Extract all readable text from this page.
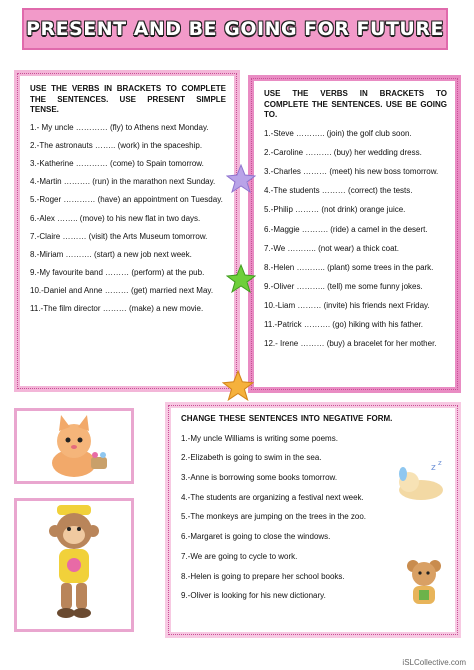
PRESENT AND BE GOING FOR FUTURE
USE THE VERBS IN BRACKETS TO COMPLETE THE SENTENCES. USE PRESENT SIMPLE TENSE.
1.- My uncle ………… (fly) to Athens next Monday.
2.-The astronauts …….. (work) in the spaceship.
3.-Katherine ………… (come) to Spain tomorrow.
4.-Martin ………. (run) in the marathon next Sunday.
5.-Roger ………… (have) an appointment on Tuesday.
6.-Alex …….. (move) to his new flat in two days.
7.-Claire ……… (visit) the Arts Museum tomorrow.
8.-Miriam ………. (start) a new job next week.
9.-My favourite band ……… (perform) at the pub.
10.-Daniel and Anne ……… (get) married next May.
11.-The film director ……… (make) a new movie.
USE THE VERBS IN BRACKETS TO COMPLETE THE SENTENCES. USE BE GOING TO.
1.-Steve ……….. (join) the golf club soon.
2.-Caroline ………. (buy) her wedding dress.
3.-Charles ……… (meet) his new boss tomorrow.
4.-The students ……… (correct) the tests.
5.-Philip ……… (not drink) orange juice.
6.-Maggie ………. (ride) a camel in the desert.
7.-We ……….. (not wear) a thick coat.
8.-Helen ……….. (plant) some trees in the park.
9.-Oliver ……….. (tell) me some funny jokes.
10.-Liam ……… (invite) his friends next Friday.
11.-Patrick ………. (go) hiking with his father.
12.- Irene ……… (buy) a bracelet for her mother.
CHANGE THESE SENTENCES INTO NEGATIVE FORM.
1.-My uncle Williams is writing some poems.
2.-Elizabeth is going to swim in the sea.
3.-Anne is borrowing some books tomorrow.
4.-The students are organizing a festival next week.
5.-The monkeys are jumping on the trees in the zoo.
6.-Margaret is going to close the windows.
7.-We are going to cycle to work.
8.-Helen is going to prepare her school books.
9.-Oliver is looking for his new dictionary.
z z
iSLCollective.com
